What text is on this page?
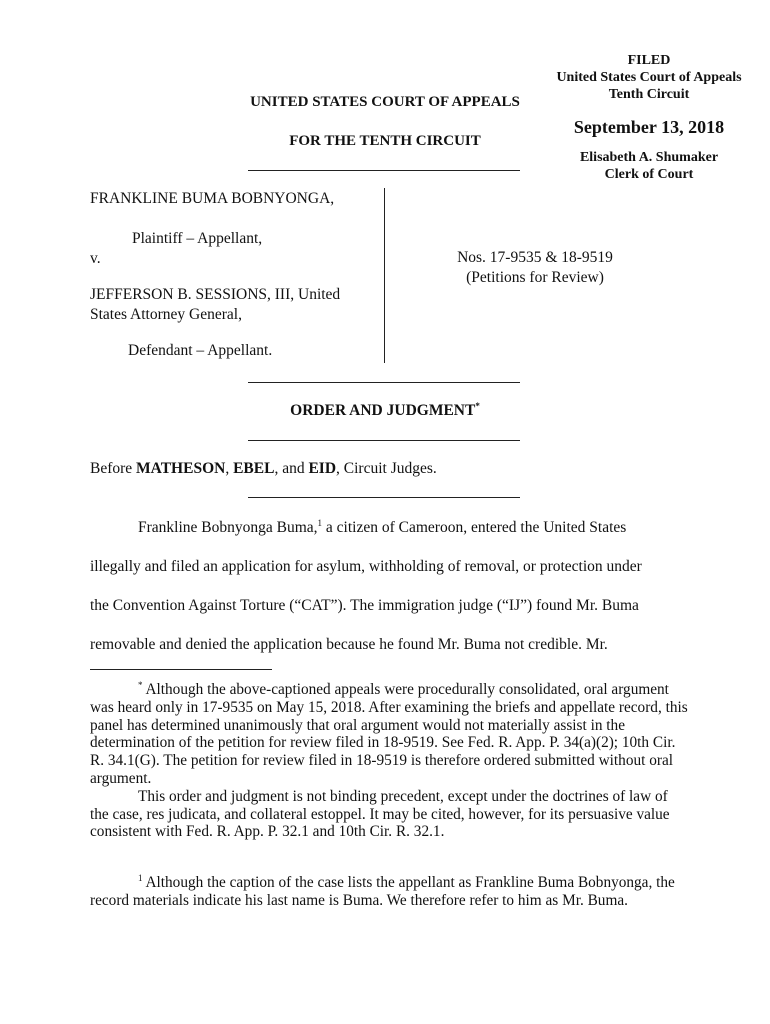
FILED
United States Court of Appeals
Tenth Circuit
September 13, 2018
Elisabeth A. Shumaker
Clerk of Court
UNITED STATES COURT OF APPEALS
FOR THE TENTH CIRCUIT
FRANKLINE BUMA BOBNYONGA,
Plaintiff – Appellant,
v.
JEFFERSON B. SESSIONS, III, United
States Attorney General,
Defendant – Appellant.
Nos. 17-9535 & 18-9519
(Petitions for Review)
ORDER AND JUDGMENT*
Before MATHESON, EBEL, and EID, Circuit Judges.
Frankline Bobnyonga Buma,$^1$ a citizen of Cameroon, entered the United States
illegally and filed an application for asylum, withholding of removal, or protection under
the Convention Against Torture (“CAT”). The immigration judge (“IJ”) found Mr. Buma
removable and denied the application because he found Mr. Buma not credible. Mr.
* Although the above-captioned appeals were procedurally consolidated, oral argument was heard only in 17-9535 on May 15, 2018. After examining the briefs and appellate record, this panel has determined unanimously that oral argument would not materially assist in the determination of the petition for review filed in 18-9519. See Fed. R. App. P. 34(a)(2); 10th Cir. R. 34.1(G). The petition for review filed in 18-9519 is therefore ordered submitted without oral argument.
This order and judgment is not binding precedent, except under the doctrines of law of the case, res judicata, and collateral estoppel. It may be cited, however, for its persuasive value consistent with Fed. R. App. P. 32.1 and 10th Cir. R. 32.1.
$^1$ Although the caption of the case lists the appellant as Frankline Buma Bobnyonga, the record materials indicate his last name is Buma. We therefore refer to him as Mr. Buma.
